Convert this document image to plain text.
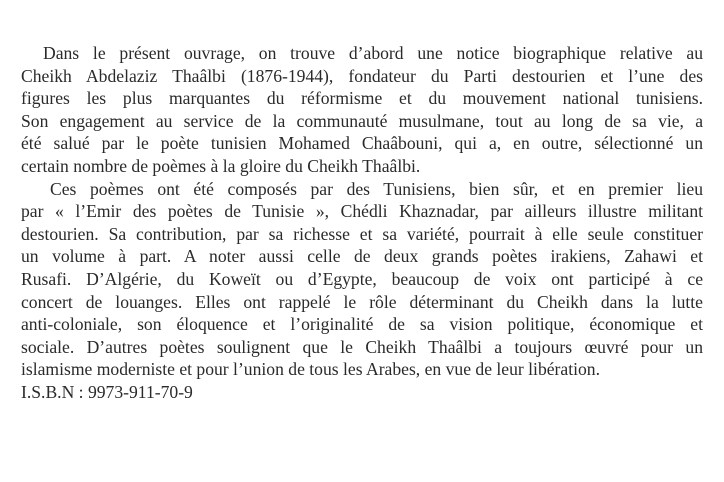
Dans le présent ouvrage, on trouve d’abord une notice biographique relative au
Cheikh Abdelaziz Thaâlbi (1876-1944), fondateur du Parti destourien et l’une des
figures les plus marquantes du réformisme et du mouvement national tunisiens.
Son engagement au service de la communauté musulmane, tout au long de sa vie, a
été salué par le poète tunisien Mohamed Chaâbouni, qui a, en outre, sélectionné un
certain nombre de poèmes à la gloire du Cheikh Thaâlbi.

Ces poèmes ont été composés par des Tunisiens, bien sûr, et en premier lieu
par « l’Emir des poètes de Tunisie », Chédli Khaznadar, par ailleurs illustre militant
destourien. Sa contribution, par sa richesse et sa variété, pourrait à elle seule constituer
un volume à part. A noter aussi celle de deux grands poètes irakiens, Zahawi et
Rusafi. D’Algérie, du Koweït ou d’Egypte, beaucoup de voix ont participé à ce
concert de louanges. Elles ont rappelé le rôle déterminant du Cheikh dans la lutte
anti-coloniale, son éloquence et l’originalité de sa vision politique, économique et
sociale. D’autres poètes soulignent que le Cheikh Thaâlbi a toujours œuvré pour un
islamisme moderniste et pour l’union de tous les Arabes, en vue de leur libération.

I.S.B.N : 9973-911-70-9
